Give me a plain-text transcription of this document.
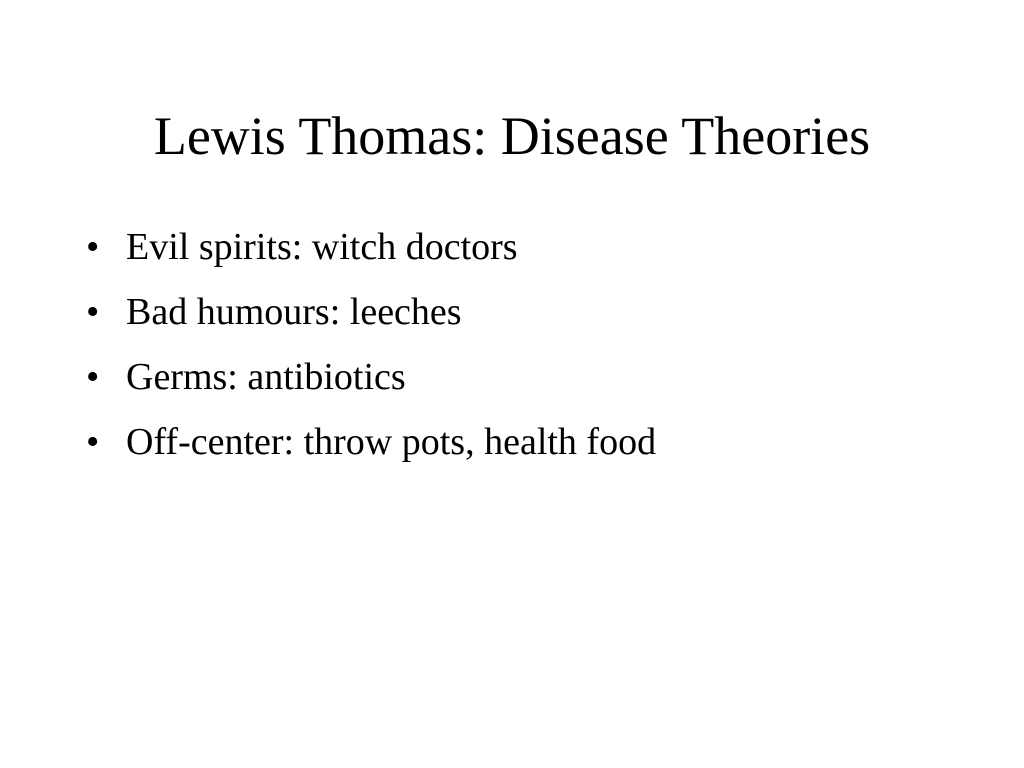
Lewis Thomas: Disease Theories
• Evil spirits: witch doctors
• Bad humours: leeches
• Germs: antibiotics
• Off-center: throw pots, health food
